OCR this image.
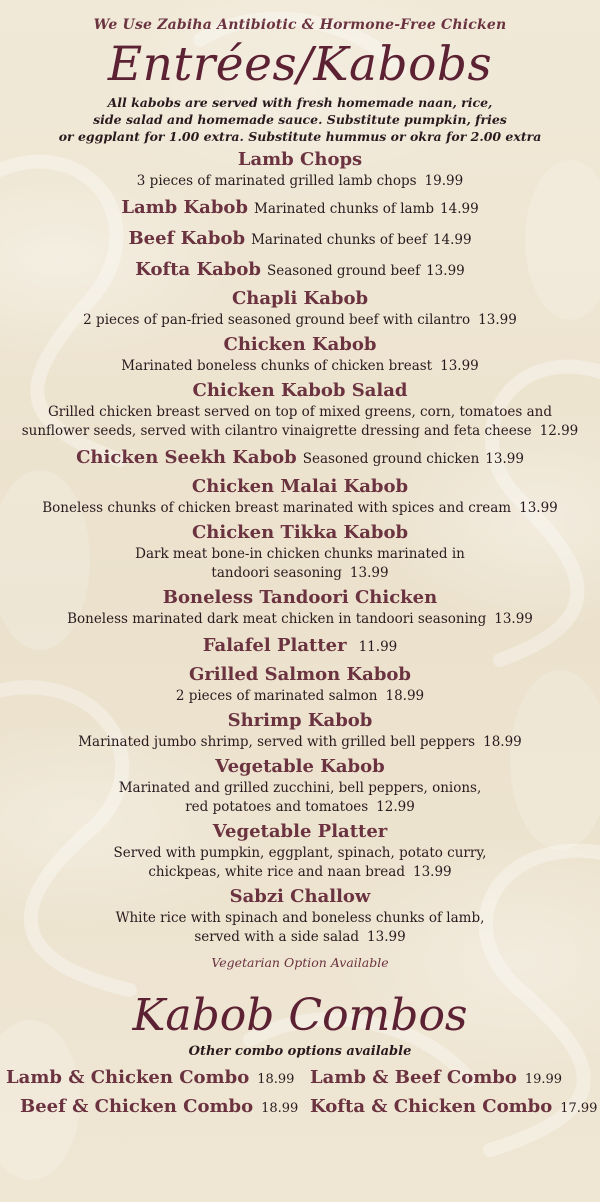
We Use Zabiha Antibiotic & Hormone-Free Chicken
Entrées/Kabobs
All kabobs are served with fresh homemade naan, rice,
side salad and homemade sauce. Substitute pumpkin, fries
or eggplant for 1.00 extra. Substitute hummus or okra for 2.00 extra
Lamb Chops
3 pieces of marinated grilled lamb chops 19.99
Lamb Kabob Marinated chunks of lamb 14.99
Beef Kabob Marinated chunks of beef 14.99
Kofta Kabob Seasoned ground beef 13.99
Chapli Kabob
2 pieces of pan-fried seasoned ground beef with cilantro 13.99
Chicken Kabob
Marinated boneless chunks of chicken breast 13.99
Chicken Kabob Salad
Grilled chicken breast served on top of mixed greens, corn, tomatoes and
sunflower seeds, served with cilantro vinaigrette dressing and feta cheese 12.99
Chicken Seekh Kabob Seasoned ground chicken 13.99
Chicken Malai Kabob
Boneless chunks of chicken breast marinated with spices and cream 13.99
Chicken Tikka Kabob
Dark meat bone-in chicken chunks marinated in
tandoori seasoning 13.99
Boneless Tandoori Chicken
Boneless marinated dark meat chicken in tandoori seasoning 13.99
Falafel Platter 11.99
Grilled Salmon Kabob
2 pieces of marinated salmon 18.99
Shrimp Kabob
Marinated jumbo shrimp, served with grilled bell peppers 18.99
Vegetable Kabob
Marinated and grilled zucchini, bell peppers, onions,
red potatoes and tomatoes 12.99
Vegetable Platter
Served with pumpkin, eggplant, spinach, potato curry,
chickpeas, white rice and naan bread 13.99
Sabzi Challow
White rice with spinach and boneless chunks of lamb,
served with a side salad 13.99
Vegetarian Option Available
Kabob Combos
Other combo options available
Lamb & Chicken Combo 18.99 Lamb & Beef Combo 19.99
Beef & Chicken Combo 18.99 Kofta & Chicken Combo 17.99
